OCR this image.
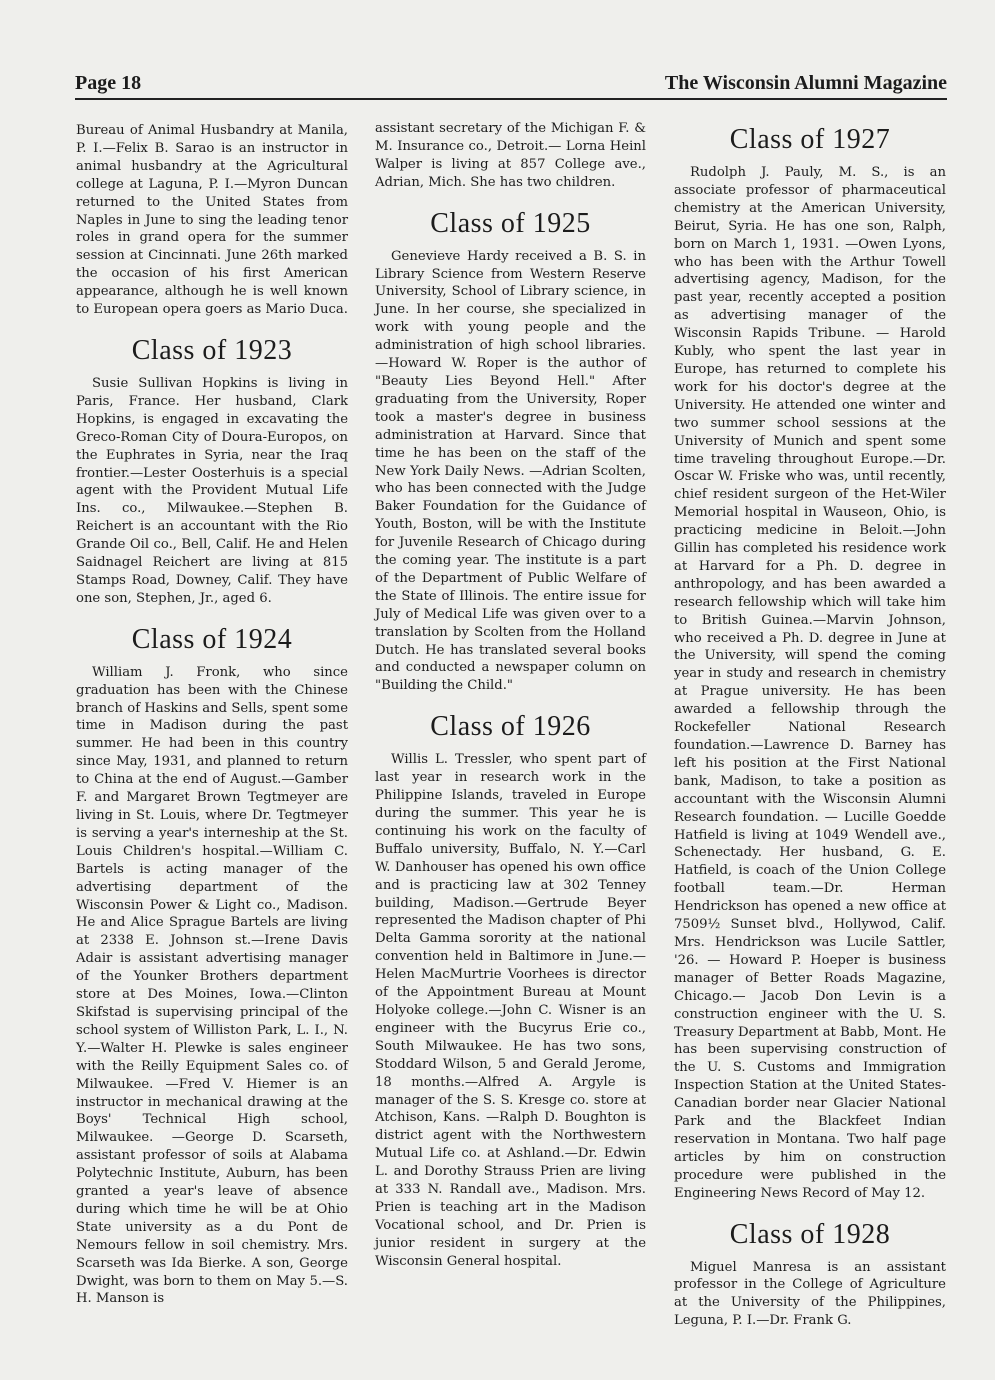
Page 18	The Wisconsin Alumni Magazine

Bureau of Animal Husbandry at Manila, P. I.—Felix B. Sarao is an instructor in animal husbandry at the Agricultural college at Laguna, P. I.—Myron Duncan returned to the United States from Naples in June to sing the leading tenor roles in grand opera for the summer session at Cincinnati. June 26th marked the occasion of his first American appearance, although he is well known to European opera goers as Mario Duca.

Class of 1923

Susie Sullivan Hopkins is living in Paris, France. Her husband, Clark Hopkins, is engaged in excavating the Greco-Roman City of Doura-Europos, on the Euphrates in Syria, near the Iraq frontier.—Lester Oosterhuis is a special agent with the Provident Mutual Life Ins. co., Milwaukee.—Stephen B. Reichert is an accountant with the Rio Grande Oil co., Bell, Calif. He and Helen Saidnagel Reichert are living at 815 Stamps Road, Downey, Calif. They have one son, Stephen, Jr., aged 6.

Class of 1924

William J. Fronk, who since graduation has been with the Chinese branch of Haskins and Sells, spent some time in Madison during the past summer. He had been in this country since May, 1931, and planned to return to China at the end of August.—Gamber F. and Margaret Brown Tegtmeyer are living in St. Louis, where Dr. Tegtmeyer is serving a year's interneship at the St. Louis Children's hospital.—William C. Bartels is acting manager of the advertising department of the Wisconsin Power & Light co., Madison. He and Alice Sprague Bartels are living at 2338 E. Johnson st.—Irene Davis Adair is assistant advertising manager of the Younker Brothers department store at Des Moines, Iowa.—Clinton Skifstad is supervising principal of the school system of Williston Park, L. I., N. Y.—Walter H. Plewke is sales engineer with the Reilly Equipment Sales co. of Milwaukee. —Fred V. Hiemer is an instructor in mechanical drawing at the Boys' Technical High school, Milwaukee. —George D. Scarseth, assistant professor of soils at Alabama Polytechnic Institute, Auburn, has been granted a year's leave of absence during which time he will be at Ohio State university as a du Pont de Nemours fellow in soil chemistry. Mrs. Scarseth was Ida Bierke. A son, George Dwight, was born to them on May 5.—S. H. Manson is

assistant secretary of the Michigan F. & M. Insurance co., Detroit.— Lorna Heinl Walper is living at 857 College ave., Adrian, Mich. She has two children.

Class of 1925

Genevieve Hardy received a B. S. in Library Science from Western Reserve University, School of Library science, in June. In her course, she specialized in work with young people and the administration of high school libraries. —Howard W. Roper is the author of "Beauty Lies Beyond Hell." After graduating from the University, Roper took a master's degree in business administration at Harvard. Since that time he has been on the staff of the New York Daily News. —Adrian Scolten, who has been connected with the Judge Baker Foundation for the Guidance of Youth, Boston, will be with the Institute for Juvenile Research of Chicago during the coming year. The institute is a part of the Department of Public Welfare of the State of Illinois. The entire issue for July of Medical Life was given over to a translation by Scolten from the Holland Dutch. He has translated several books and conducted a newspaper column on "Building the Child."

Class of 1926

Willis L. Tressler, who spent part of last year in research work in the Philippine Islands, traveled in Europe during the summer. This year he is continuing his work on the faculty of Buffalo university, Buffalo, N. Y.—Carl W. Danhouser has opened his own office and is practicing law at 302 Tenney building, Madison.—Gertrude Beyer represented the Madison chapter of Phi Delta Gamma sorority at the national convention held in Baltimore in June.—Helen MacMurtrie Voorhees is director of the Appointment Bureau at Mount Holyoke college.—John C. Wisner is an engineer with the Bucyrus Erie co., South Milwaukee. He has two sons, Stoddard Wilson, 5 and Gerald Jerome, 18 months.—Alfred A. Argyle is manager of the S. S. Kresge co. store at Atchison, Kans. —Ralph D. Boughton is district agent with the Northwestern Mutual Life co. at Ashland.—Dr. Edwin L. and Dorothy Strauss Prien are living at 333 N. Randall ave., Madison. Mrs. Prien is teaching art in the Madison Vocational school, and Dr. Prien is junior resident in surgery at the Wisconsin General hospital.

Class of 1927

Rudolph J. Pauly, M. S., is an associate professor of pharmaceutical chemistry at the American University, Beirut, Syria. He has one son, Ralph, born on March 1, 1931. —Owen Lyons, who has been with the Arthur Towell advertising agency, Madison, for the past year, recently accepted a position as advertising manager of the Wisconsin Rapids Tribune. — Harold Kubly, who spent the last year in Europe, has returned to complete his work for his doctor's degree at the University. He attended one winter and two summer school sessions at the University of Munich and spent some time traveling throughout Europe.—Dr. Oscar W. Friske who was, until recently, chief resident surgeon of the Het-Wiler Memorial hospital in Wauseon, Ohio, is practicing medicine in Beloit.—John Gillin has completed his residence work at Harvard for a Ph. D. degree in anthropology, and has been awarded a research fellowship which will take him to British Guinea.—Marvin Johnson, who received a Ph. D. degree in June at the University, will spend the coming year in study and research in chemistry at Prague university. He has been awarded a fellowship through the Rockefeller National Research foundation.—Lawrence D. Barney has left his position at the First National bank, Madison, to take a position as accountant with the Wisconsin Alumni Research foundation. — Lucille Goedde Hatfield is living at 1049 Wendell ave., Schenectady. Her husband, G. E. Hatfield, is coach of the Union College football team.—Dr. Herman Hendrickson has opened a new office at 7509½ Sunset blvd., Hollywod, Calif. Mrs. Hendrickson was Lucile Sattler, '26. — Howard P. Hoeper is business manager of Better Roads Magazine, Chicago.— Jacob Don Levin is a construction engineer with the U. S. Treasury Department at Babb, Mont. He has been supervising construction of the U. S. Customs and Immigration Inspection Station at the United States-Canadian border near Glacier National Park and the Blackfeet Indian reservation in Montana. Two half page articles by him on construction procedure were published in the Engineering News Record of May 12.

Class of 1928

Miguel Manresa is an assistant professor in the College of Agriculture at the University of the Philippines, Leguna, P. I.—Dr. Frank G.
